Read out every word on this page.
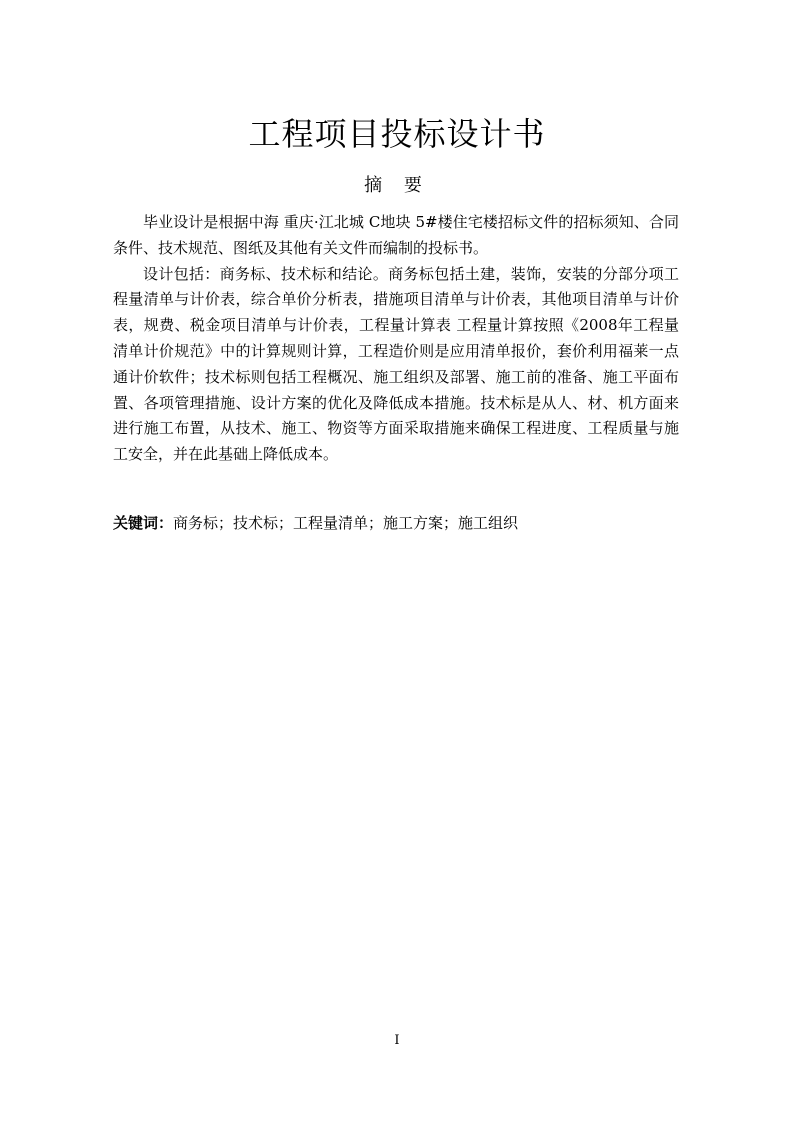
工程项目投标设计书
摘 要

毕业设计是根据中海 重庆·江北城 C地块 5#楼住宅楼招标文件的招标须知、合同条件、技术规范、图纸及其他有关文件而编制的投标书。

设计包括：商务标、技术标和结论。商务标包括土建，装饰，安装的分部分项工程量清单与计价表，综合单价分析表，措施项目清单与计价表，其他项目清单与计价表，规费、税金项目清单与计价表，工程量计算表 工程量计算按照《2008年工程量清单计价规范》中的计算规则计算，工程造价则是应用清单报价，套价利用福莱一点通计价软件；技术标则包括工程概况、施工组织及部署、施工前的准备、施工平面布置、各项管理措施、设计方案的优化及降低成本措施。技术标是从人、材、机方面来进行施工布置，从技术、施工、物资等方面采取措施来确保工程进度、工程质量与施工安全，并在此基础上降低成本。

关键词：商务标；技术标；工程量清单；施工方案；施工组织
I
